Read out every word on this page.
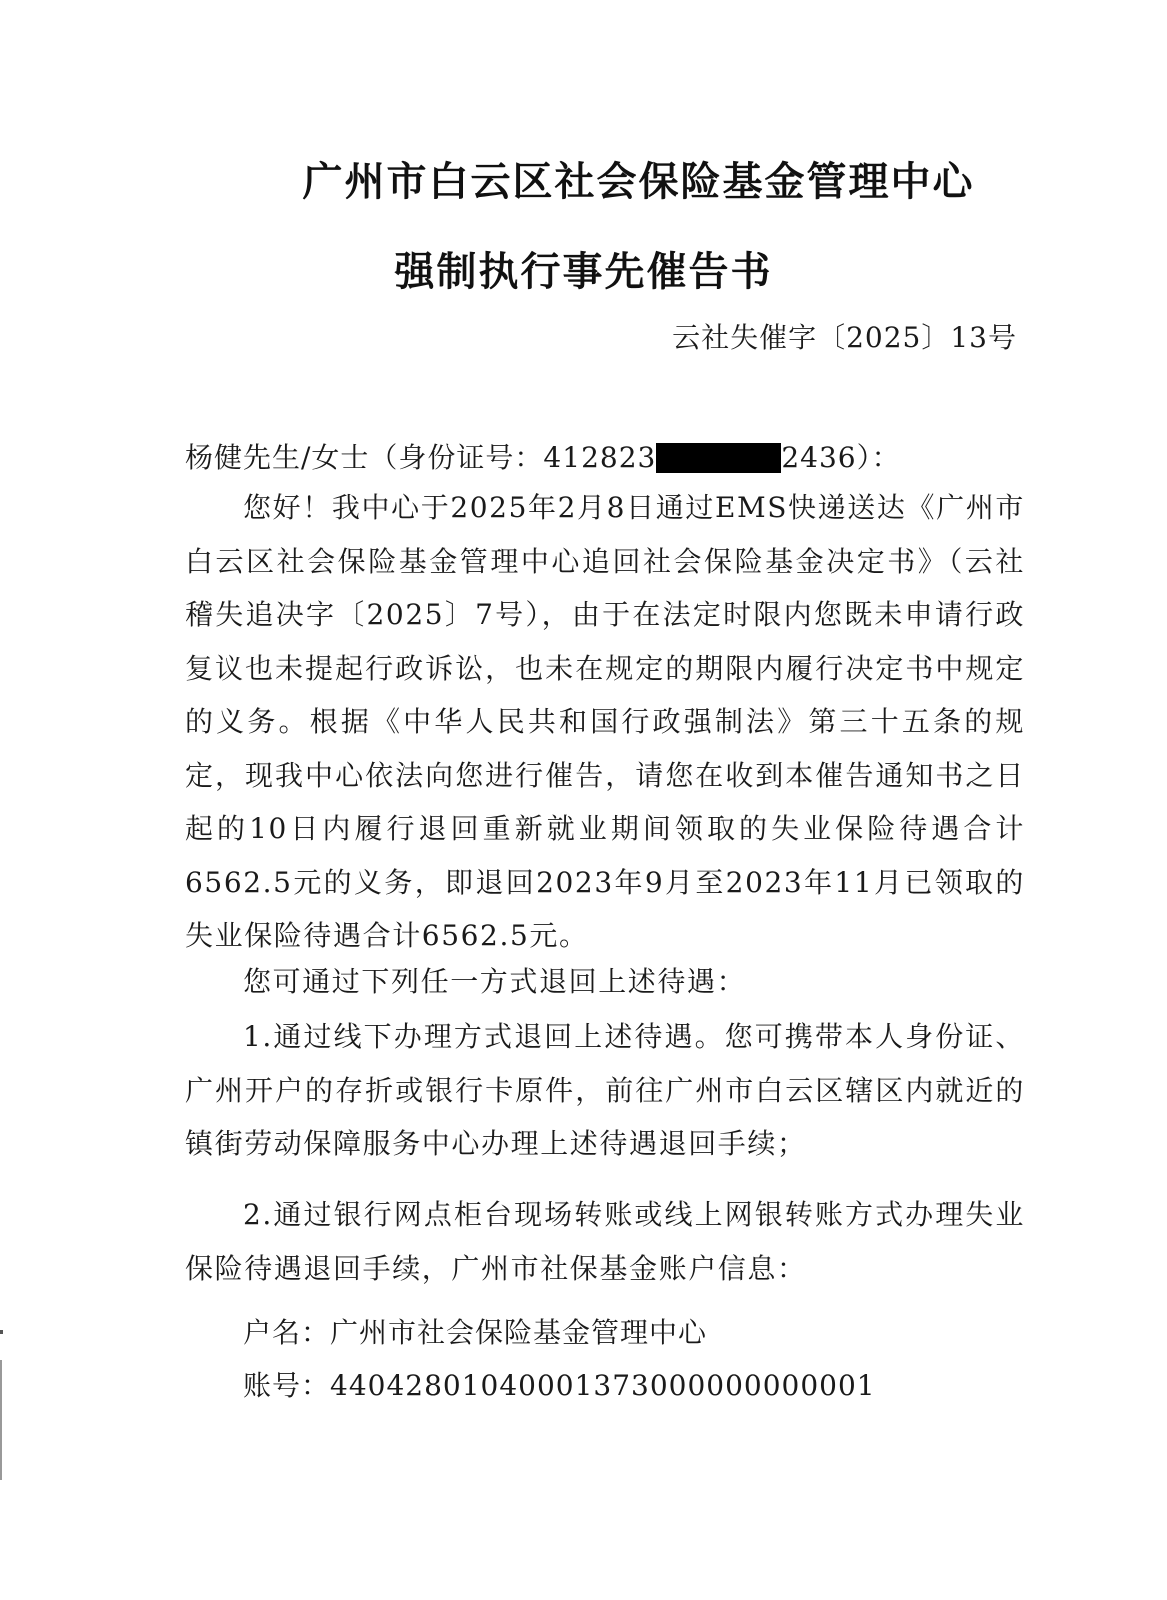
广州市白云区社会保险基金管理中心
强制执行事先催告书
云社失催字〔2025〕13号
杨健先生/女士（身份证号：412823	2436）：
您好！我中心于2025年2月8日通过EMS快递送达《广州市白云区社会保险基金管理中心追回社会保险基金决定书》（云社稽失追决字〔2025〕7号），由于在法定时限内您既未申请行政复议也未提起行政诉讼，也未在规定的期限内履行决定书中规定的义务。根据《中华人民共和国行政强制法》第三十五条的规定，现我中心依法向您进行催告，请您在收到本催告通知书之日起的10日内履行退回重新就业期间领取的失业保险待遇合计6562.5元的义务，即退回2023年9月至2023年11月已领取的失业保险待遇合计6562.5元。
您可通过下列任一方式退回上述待遇：
1.通过线下办理方式退回上述待遇。您可携带本人身份证、广州开户的存折或银行卡原件，前往广州市白云区辖区内就近的镇街劳动保障服务中心办理上述待遇退回手续；
2.通过银行网点柜台现场转账或线上网银转账方式办理失业保险待遇退回手续，广州市社保基金账户信息：
户名：广州市社会保险基金管理中心
账号：44042801040001373000000000001
